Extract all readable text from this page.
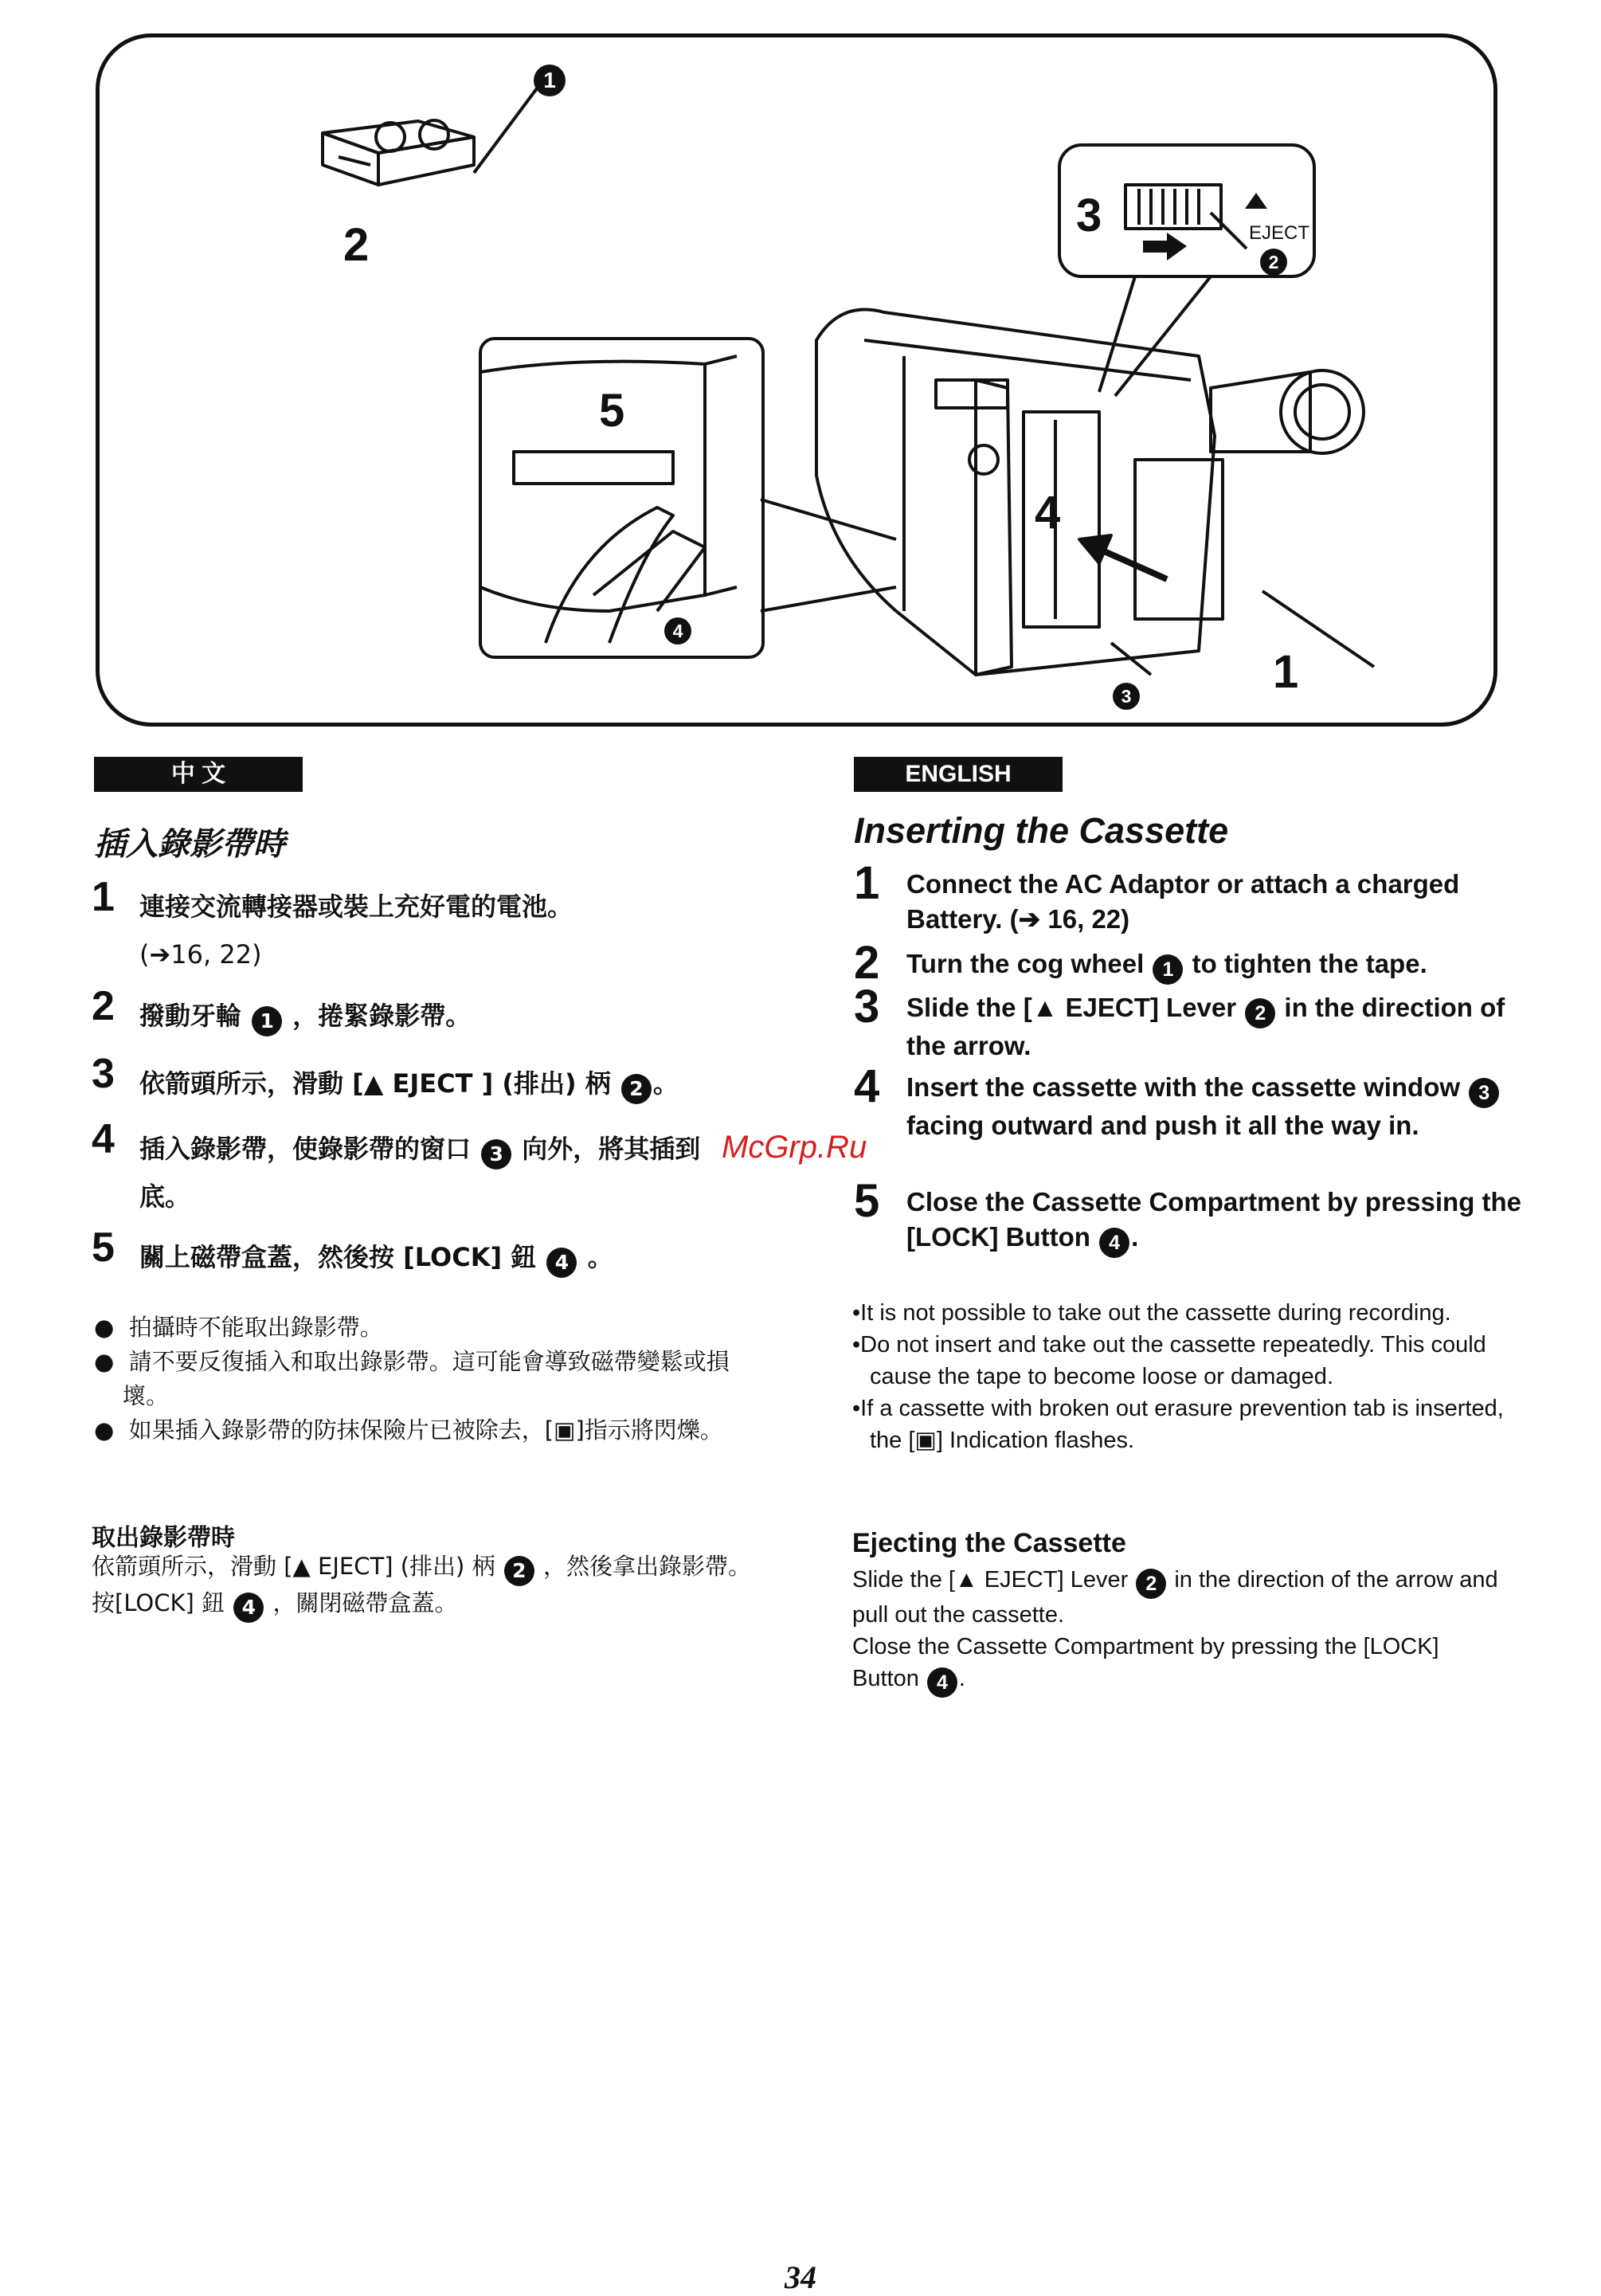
2
3
5
4
1
1
2
3
4
EJECT
中 文
插入錄影帶時
1 連接交流轉接器或裝上充好電的電池。
(➔16, 22)
2 撥動牙輪 1 ，捲緊錄影帶。
3 依箭頭所示，滑動 [▲ EJECT ] (排出) 柄 2 。
4 插入錄影帶，使錄影帶的窗口 3 向外，將其插到
底。
5 關上磁帶盒蓋，然後按 [LOCK] 鈕 4 。
●  拍攝時不能取出錄影帶。
●  請不要反復插入和取出錄影帶。這可能會導致磁帶變鬆或損壞。
●  如果插入錄影帶的防抹保險片已被除去，[▣]指示將閃爍。
取出錄影帶時

依箭頭所示，滑動 [▲ EJECT] (排出) 柄 2 ，然後拿出錄影帶。

按[LOCK] 鈕 4 ，關閉磁帶盒蓋。

ENGLISH
Inserting the Cassette
1 Connect the AC Adaptor or attach a charged Battery. (➔ 16, 22)
2 Turn the cog wheel 1 to tighten the tape.
3 Slide the [▲ EJECT] Lever 2 in the direction of the arrow.
4 Insert the cassette with the cassette window 3 facing outward and push it all the way in.
5 Close the Cassette Compartment by pressing the [LOCK] Button 4 .
•It is not possible to take out the cassette during recording.
•Do not insert and take out the cassette repeatedly. This could cause the tape to become loose or damaged.
•If a cassette with broken out erasure prevention tab is inserted, the [▣] Indication flashes.
Ejecting the Cassette

Slide the [▲ EJECT] Lever 2 in the direction of the arrow and pull out the cassette.

Close the Cassette Compartment by pressing the [LOCK] Button 4 .

McGrp.Ru
34
